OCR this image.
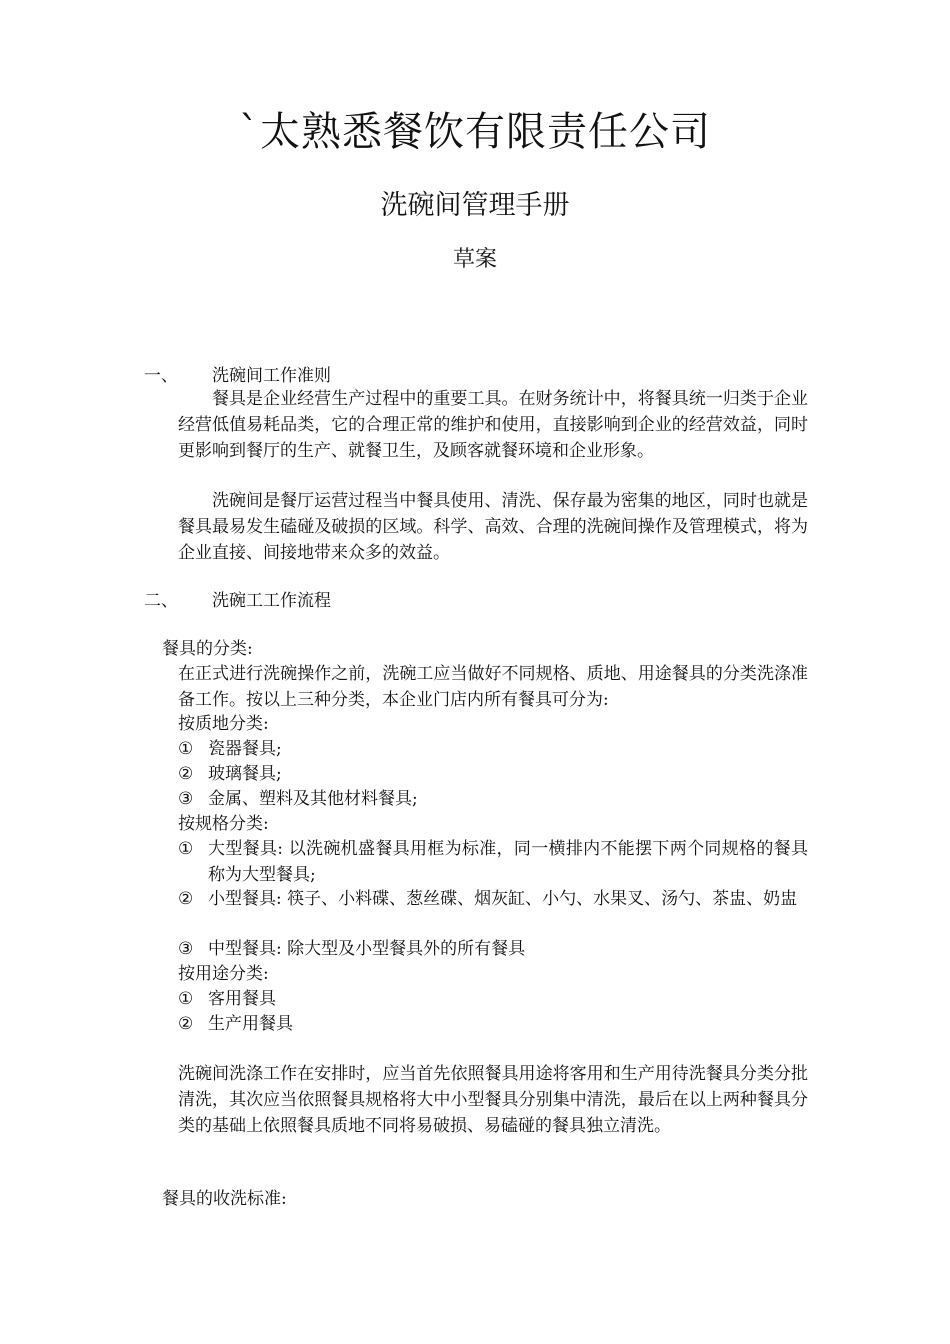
`太熟悉餐饮有限责任公司
洗碗间管理手册
草案
一、 洗碗间工作准则
餐具是企业经营生产过程中的重要工具。在财务统计中，将餐具统一归类于企业经营低值易耗品类，它的合理正常的维护和使用，直接影响到企业的经营效益，同时更影响到餐厅的生产、就餐卫生，及顾客就餐环境和企业形象。
洗碗间是餐厅运营过程当中餐具使用、清洗、保存最为密集的地区，同时也就是餐具最易发生磕碰及破损的区域。科学、高效、合理的洗碗间操作及管理模式，将为企业直接、间接地带来众多的效益。
二、 洗碗工工作流程
餐具的分类:
在正式进行洗碗操作之前，洗碗工应当做好不同规格、质地、用途餐具的分类洗涤准备工作。按以上三种分类，本企业门店内所有餐具可分为:
按质地分类:
① 瓷器餐具;
② 玻璃餐具;
③ 金属、塑料及其他材料餐具;
按规格分类:
① 大型餐具: 以洗碗机盛餐具用框为标准，同一横排内不能摆下两个同规格的餐具称为大型餐具;
② 小型餐具: 筷子、小料碟、葱丝碟、烟灰缸、小勺、水果叉、汤勺、茶盅、奶盅
③ 中型餐具: 除大型及小型餐具外的所有餐具
按用途分类:
① 客用餐具
② 生产用餐具
洗碗间洗涤工作在安排时，应当首先依照餐具用途将客用和生产用待洗餐具分类分批清洗，其次应当依照餐具规格将大中小型餐具分别集中清洗，最后在以上两种餐具分类的基础上依照餐具质地不同将易破损、易磕碰的餐具独立清洗。
餐具的收洗标准:
